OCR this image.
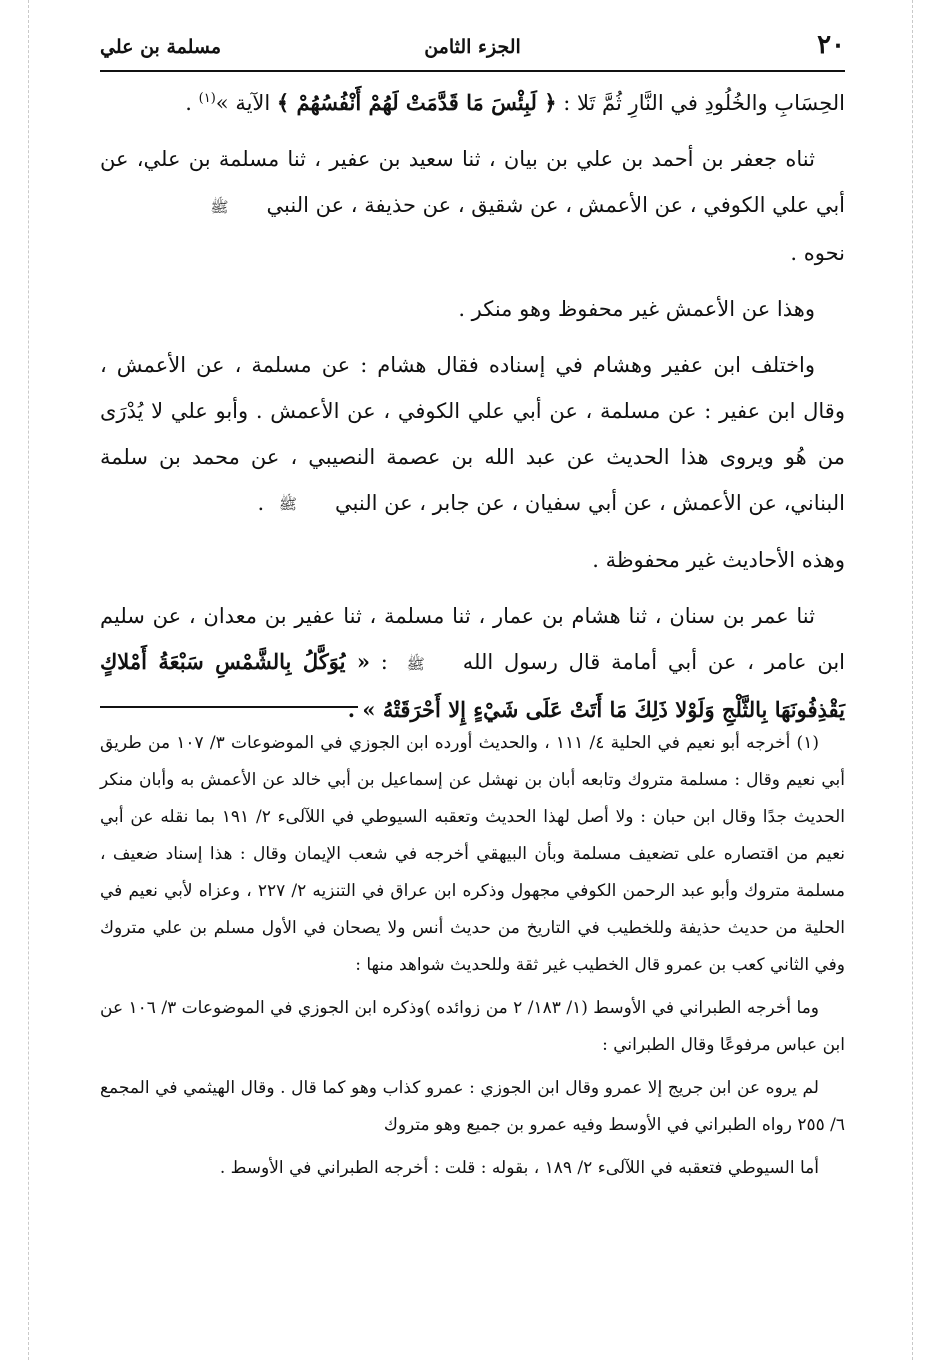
٢٠
الجزء الثامن
مسلمة بن علي

الحِسَابِ والخُلُودِ في النَّارِ ثُمَّ تَلا : ﴿ لَبِئْسَ مَا قَدَّمَتْ لَهُمْ أَنْفُسُهُمْ ﴾ الآية »$^{(١)}$ .

ثناه جعفر بن أحمد بن علي بن بيان ، ثنا سعيد بن عفير ، ثنا مسلمة بن علي، عن أبي علي الكوفي ، عن الأعمش ، عن شقيق ، عن حذيفة ، عن النبيﷺ
نحوه .

وهذا عن الأعمش غير محفوظ وهو منكر .

واختلف ابن عفير وهشام في إسناده فقال هشام : عن مسلمة ، عن الأعمش ، وقال ابن عفير : عن مسلمة ، عن أبي علي الكوفي ، عن الأعمش . وأبو علي لا يُدْرَى من هُو ويروى هذا الحديث عن عبد الله بن عصمة النصيبي ، عن محمد بن سلمة البناني، عن الأعمش ، عن أبي سفيان ، عن جابر ، عن النبيﷺ .

وهذه الأحاديث غير محفوظة .

ثنا عمر بن سنان ، ثنا هشام بن عمار ، ثنا مسلمة ، ثنا عفير بن معدان ، عن سليم ابن عامر ، عن أبي أمامة قال رسول اللهﷺ : « يُوَكَّلُ بِالشَّمْسِ سَبْعَةُ أَمْلاكٍ يَقْذِفُونَهَا بِالثَّلْجِ وَلَوْلا ذَلِكَ مَا أَتَتْ عَلَى شَيْءٍ إِلا أَحْرَقَتْهُ » .

(١) أخرجه أبو نعيم في الحلية ٤/ ١١١ ، والحديث أورده ابن الجوزي في الموضوعات ٣/ ١٠٧ من طريق أبي نعيم وقال : مسلمة متروك وتابعه أبان بن نهشل عن إسماعيل بن أبي خالد عن الأعمش به وأبان منكر الحديث جدًا وقال ابن حبان : ولا أصل لهذا الحديث وتعقبه السيوطي في اللآلىء ٢/ ١٩١ بما نقله عن أبي نعيم من اقتصاره على تضعيف مسلمة وبأن البيهقي أخرجه في شعب الإيمان وقال : هذا إسناد ضعيف ، مسلمة متروك وأبو عبد الرحمن الكوفي مجهول وذكره ابن عراق في التنزيه ٢/ ٢٢٧ ، وعزاه لأبي نعيم في الحلية من حديث حذيفة وللخطيب في التاريخ من حديث أنس ولا يصحان في الأول مسلم بن علي متروك وفي الثاني كعب بن عمرو قال الخطيب غير ثقة وللحديث شواهد منها :

وما أخرجه الطبراني في الأوسط (١/ ١٨٣/ ٢ من زوائده )وذكره ابن الجوزي في الموضوعات ٣/ ١٠٦ عن ابن عباس مرفوعًا وقال الطبراني :

لم يروه عن ابن جريج إلا عمرو وقال ابن الجوزي : عمرو كذاب وهو كما قال . وقال الهيثمي في المجمع ٦/ ٢٥٥ رواه الطبراني في الأوسط وفيه عمرو بن جميع وهو متروك

أما السيوطي فتعقبه في اللآلىء ٢/ ١٨٩ ، بقوله : قلت : أخرجه الطبراني في الأوسط .
